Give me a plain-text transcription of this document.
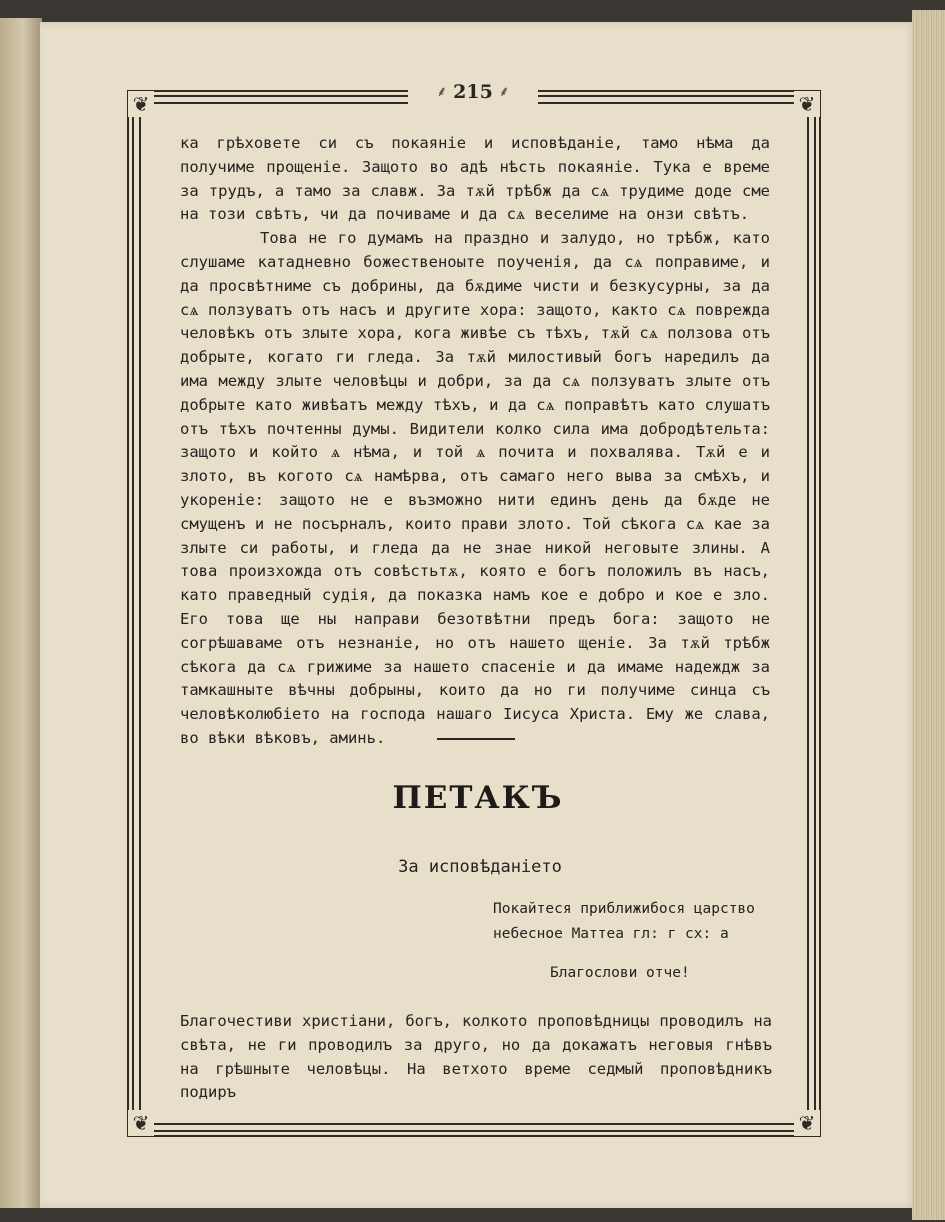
❦	❦
❦	❦
⸙ 215 ⸙

ка грѣховете си съ покаяніе и исповѣданіе, тамо нѣма да получиме прощеніе. Защото во адѣ нѣсть покаяніе. Тука е време за трудъ, а тамо за славж. За тѫй трѣбж да сѧ трудиме доде сме на този свѣтъ, чи да почиваме и да сѧ веселиме на онзи свѣтъ.

Това не го думамъ на праздно и залудо, но трѣбж, като слушаме катадневно божественоыте поученія, да сѧ поправиме, и да просвѣтниме съ добрины, да бѫдиме чисти и безкусурны, за да сѧ ползуватъ отъ насъ и другите хора: защото, както сѧ повреждa человѣкъ отъ злыте хора, кога живѣе съ тѣхъ, тѫй сѧ ползова отъ добрыте, когато ги гледа. За тѫй милостивый богъ наредилъ да има междy злыте человѣцы и добри, за да сѧ ползуватъ злыте отъ добрыте като живѣатъ междy тѣхъ, и да сѧ поправѣтъ като слушатъ отъ тѣхъ почтенны думы. Видители колко сила има добродѣтельта: защото и който ѧ нѣма, и той ѧ почита и похвалява. Тѫй е и злото, въ когото сѧ намѣрва, отъ самаго него выва за смѣхъ, и укореніе: защото не е възможно нити единъ день да бѫде не смущенъ и не посърналъ, които прави злото. Той сѣкога сѧ кае за злыте си работы, и гледа да не знае никой неговыте злины. А това произхожда отъ совѣстьтѫ, която е богъ положилъ въ насъ, като праведный судія, да показка намъ кое е добро и кое е зло. Его това ще ны направи безотвѣтни предъ бога: защото не согрѣшаваме отъ незнаніе, но отъ нашето щеніе. За тѫй трѣбж сѣкога да сѧ грижиме за нашето спасеніе и да имаме надеждж за тамкашныте вѣчны добрыны, които да но ги получиме синца съ человѣколюбіето на господа нашаго Іисуса Христа. Ему же слава, во вѣки вѣковъ, аминь.

ПЕТАКЪ
За исповѣданіето

Покайтеся приближибося царство небесное Маттеа гл: г сх: а

Благослови отче!

Благочестиви христіани, богъ, колкото проповѣдницы проводилъ на свѣта, не ги проводилъ за друго, но да докажатъ неговыя гнѣвъ на грѣшныте человѣцы. На ветхото време седмый проповѣдникъ подиръ
